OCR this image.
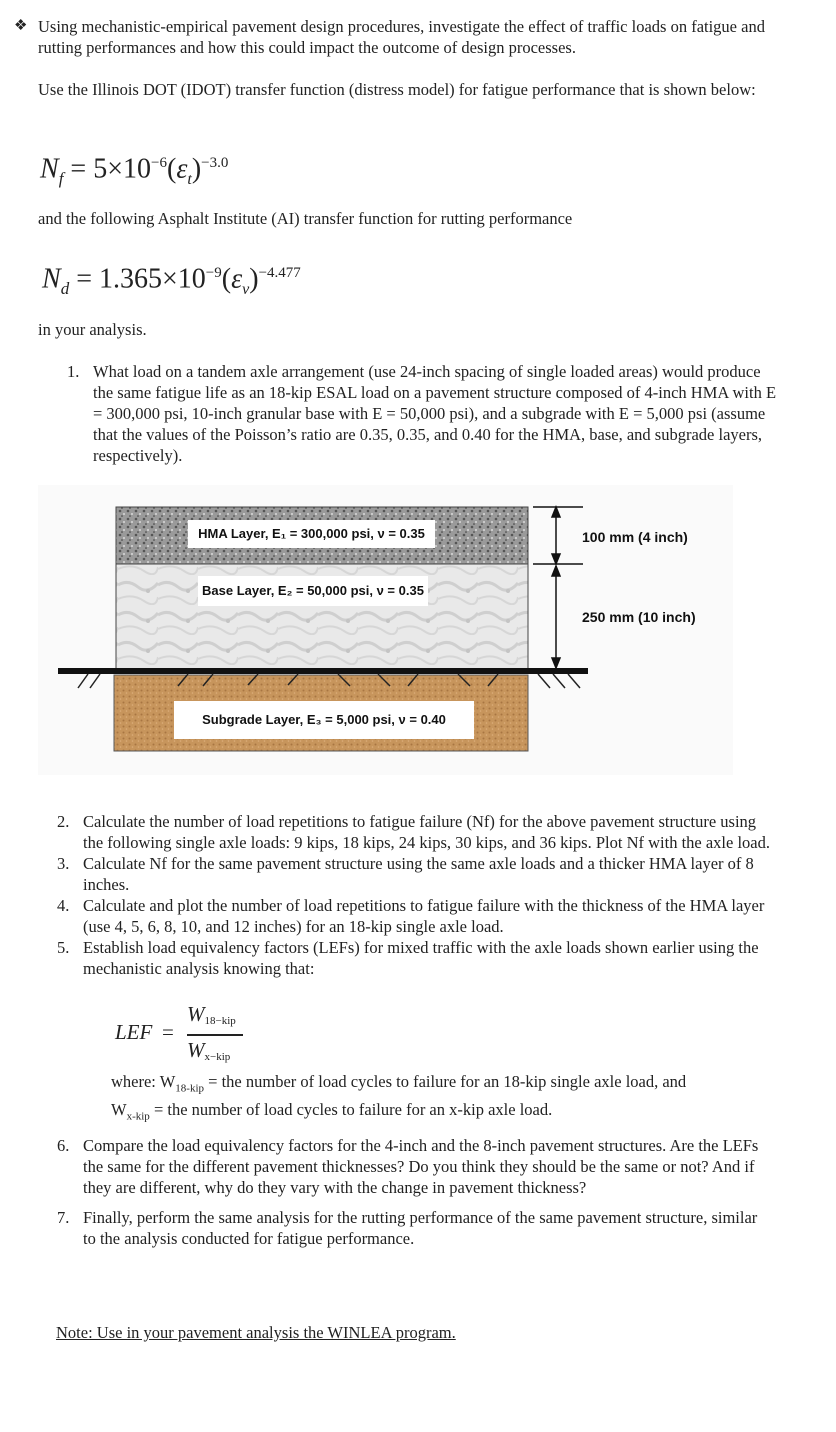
❖ Using mechanistic-empirical pavement design procedures, investigate the effect of traffic loads on fatigue and rutting performances and how this could impact the outcome of design processes.
Use the Illinois DOT (IDOT) transfer function (distress model) for fatigue performance that is shown below:
$N_f = 5\times 10^{-6}(\varepsilon_t)^{-3.0}$
and the following Asphalt Institute (AI) transfer function for rutting performance
$N_d = 1.365\times 10^{-9}(\varepsilon_v)^{-4.477}$
in your analysis.
1. What load on a tandem axle arrangement (use 24-inch spacing of single loaded areas) would produce the same fatigue life as an 18-kip ESAL load on a pavement structure composed of 4-inch HMA with E = 300,000 psi, 10-inch granular base with E = 50,000 psi), and a subgrade with E = 5,000 psi (assume that the values of the Poisson’s ratio are 0.35, 0.35, and 0.40 for the HMA, base, and subgrade layers, respectively).
HMA Layer, E₁ = 300,000 psi, ν = 0.35
Base Layer, E₂ = 50,000 psi, ν = 0.35
Subgrade Layer, E₃ = 5,000 psi, ν = 0.40
100 mm (4 inch)
250 mm (10 inch)
2. Calculate the number of load repetitions to fatigue failure (Nf) for the above pavement structure using the following single axle loads: 9 kips, 18 kips, 24 kips, 30 kips, and 36 kips. Plot Nf with the axle load.
3. Calculate Nf for the same pavement structure using the same axle loads and a thicker HMA layer of 8 inches.
4. Calculate and plot the number of load repetitions to fatigue failure with the thickness of the HMA layer (use 4, 5, 6, 8, 10, and 12 inches) for an 18-kip single axle load.
5. Establish load equivalency factors (LEFs) for mixed traffic with the axle loads shown earlier using the mechanistic analysis knowing that:
LEF =
$W_{18-kip}$
$W_{x-kip}$
where: $W_{18-kip}$ = the number of load cycles to failure for an 18-kip single axle load, and
$W_{x-kip}$ = the number of load cycles to failure for an x-kip axle load.
6. Compare the load equivalency factors for the 4-inch and the 8-inch pavement structures. Are the LEFs the same for the different pavement thicknesses? Do you think they should be the same or not? And if they are different, why do they vary with the change in pavement thickness?
7. Finally, perform the same analysis for the rutting performance of the same pavement structure, similar to the analysis conducted for fatigue performance.
Note: Use in your pavement analysis the WINLEA program.
